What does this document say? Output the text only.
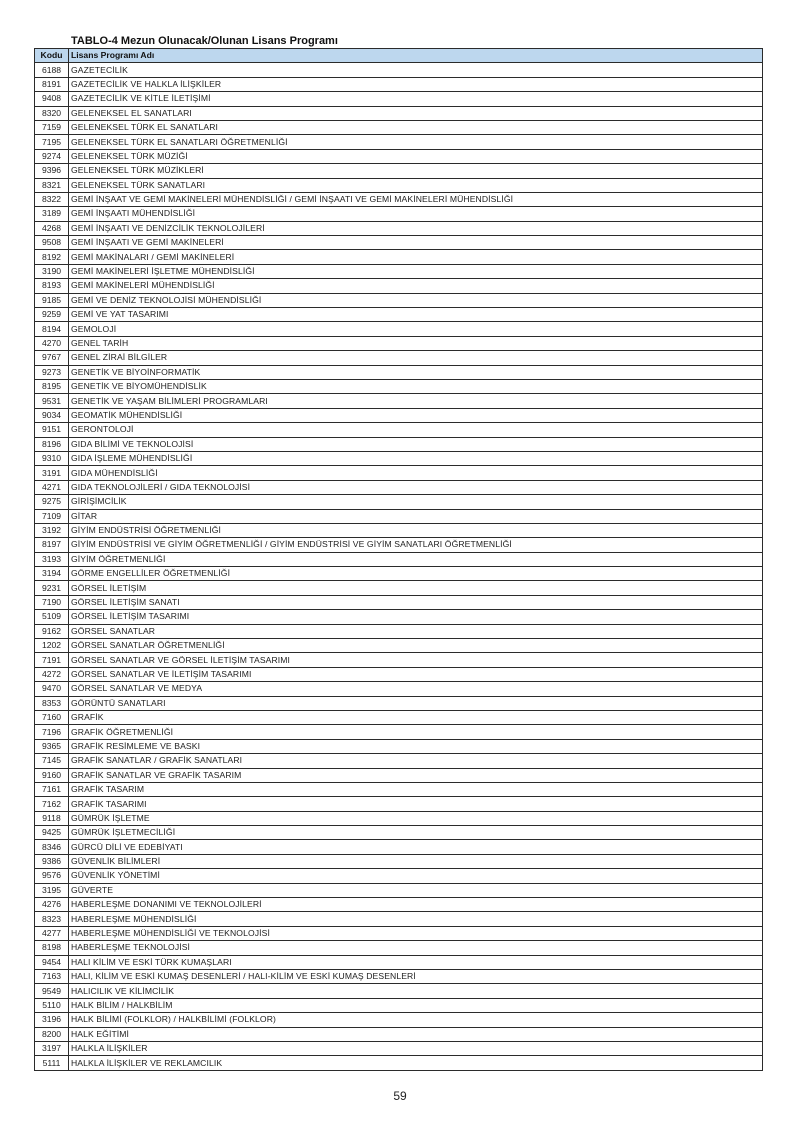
TABLO-4 Mezun Olunacak/Olunan Lisans Programı
Kodu	Lisans Programı Adı
6188	GAZETECİLİK
8191	GAZETECİLİK VE HALKLA İLİŞKİLER
9408	GAZETECİLİK VE KİTLE İLETİŞİMİ
8320	GELENEKSEL EL SANATLARI
7159	GELENEKSEL TÜRK EL SANATLARI
7195	GELENEKSEL TÜRK EL SANATLARI ÖĞRETMENLİĞİ
9274	GELENEKSEL TÜRK MÜZİĞİ
9396	GELENEKSEL TÜRK MÜZİKLERİ
8321	GELENEKSEL TÜRK SANATLARI
8322	GEMİ İNŞAAT VE GEMİ MAKİNELERİ MÜHENDİSLİĞİ / GEMİ İNŞAATI VE GEMİ MAKİNELERİ MÜHENDİSLİĞİ
3189	GEMİ İNŞAATI MÜHENDİSLİĞİ
4268	GEMİ İNŞAATI VE DENİZCİLİK TEKNOLOJİLERİ
9508	GEMİ İNŞAATI VE GEMİ MAKİNELERİ
8192	GEMİ MAKİNALARI / GEMİ MAKİNELERİ
3190	GEMİ MAKİNELERİ İŞLETME MÜHENDİSLİĞİ
8193	GEMİ MAKİNELERİ MÜHENDİSLİĞİ
9185	GEMİ VE DENİZ TEKNOLOJİSİ MÜHENDİSLİĞİ
9259	GEMİ VE YAT TASARIMI
8194	GEMOLOJİ
4270	GENEL TARİH
9767	GENEL ZİRAİ BİLGİLER
9273	GENETİK VE BİYOİNFORMATİK
8195	GENETİK VE BİYOMÜHENDİSLİK
9531	GENETİK VE YAŞAM BİLİMLERİ PROGRAMLARI
9034	GEOMATİK MÜHENDİSLİĞİ
9151	GERONTOLOJİ
8196	GIDA BİLİMİ VE TEKNOLOJİSİ
9310	GIDA İŞLEME MÜHENDİSLİĞİ
3191	GIDA MÜHENDİSLİĞİ
4271	GIDA TEKNOLOJİLERİ / GIDA TEKNOLOJİSİ
9275	GİRİŞİMCİLİK
7109	GİTAR
3192	GİYİM ENDÜSTRİSİ ÖĞRETMENLİĞİ
8197	GİYİM ENDÜSTRİSİ VE GİYİM ÖĞRETMENLİĞİ / GİYİM ENDÜSTRİSİ VE GİYİM SANATLARI ÖĞRETMENLİĞİ
3193	GİYİM ÖĞRETMENLİĞİ
3194	GÖRME ENGELLİLER ÖĞRETMENLİĞİ
9231	GÖRSEL İLETİŞİM
7190	GÖRSEL İLETİŞİM SANATI
5109	GÖRSEL İLETİŞİM TASARIMI
9162	GÖRSEL SANATLAR
1202	GÖRSEL SANATLAR ÖĞRETMENLİĞİ
7191	GÖRSEL SANATLAR VE GÖRSEL İLETİŞİM TASARIMI
4272	GÖRSEL SANATLAR VE İLETİŞİM TASARIMI
9470	GÖRSEL SANATLAR VE MEDYA
8353	GÖRÜNTÜ SANATLARI
7160	GRAFİK
7196	GRAFİK ÖĞRETMENLİĞİ
9365	GRAFİK RESİMLEME VE BASKI
7145	GRAFİK SANATLAR / GRAFİK SANATLARI
9160	GRAFİK SANATLAR VE GRAFİK TASARIM
7161	GRAFİK TASARIM
7162	GRAFİK TASARIMI
9118	GÜMRÜK İŞLETME
9425	GÜMRÜK İŞLETMECİLİĞİ
8346	GÜRCÜ DİLİ VE EDEBİYATI
9386	GÜVENLİK BİLİMLERİ
9576	GÜVENLİK YÖNETİMİ
3195	GÜVERTE
4276	HABERLEŞME DONANIMI VE TEKNOLOJİLERİ
8323	HABERLEŞME MÜHENDİSLİĞİ
4277	HABERLEŞME MÜHENDİSLİĞİ VE TEKNOLOJİSİ
8198	HABERLEŞME TEKNOLOJİSİ
9454	HALI KİLİM VE ESKİ TÜRK KUMAŞLARI
7163	HALI, KİLİM VE ESKİ KUMAŞ DESENLERİ / HALI-KİLİM VE ESKİ KUMAŞ DESENLERİ
9549	HALICILIK VE KİLİMCİLİK
5110	HALK BİLİM / HALKBİLİM
3196	HALK BİLİMİ (FOLKLOR) / HALKBİLİMİ (FOLKLOR)
8200	HALK EĞİTİMİ
3197	HALKLA İLİŞKİLER
5111	HALKLA İLİŞKİLER VE REKLAMCILIK
59
